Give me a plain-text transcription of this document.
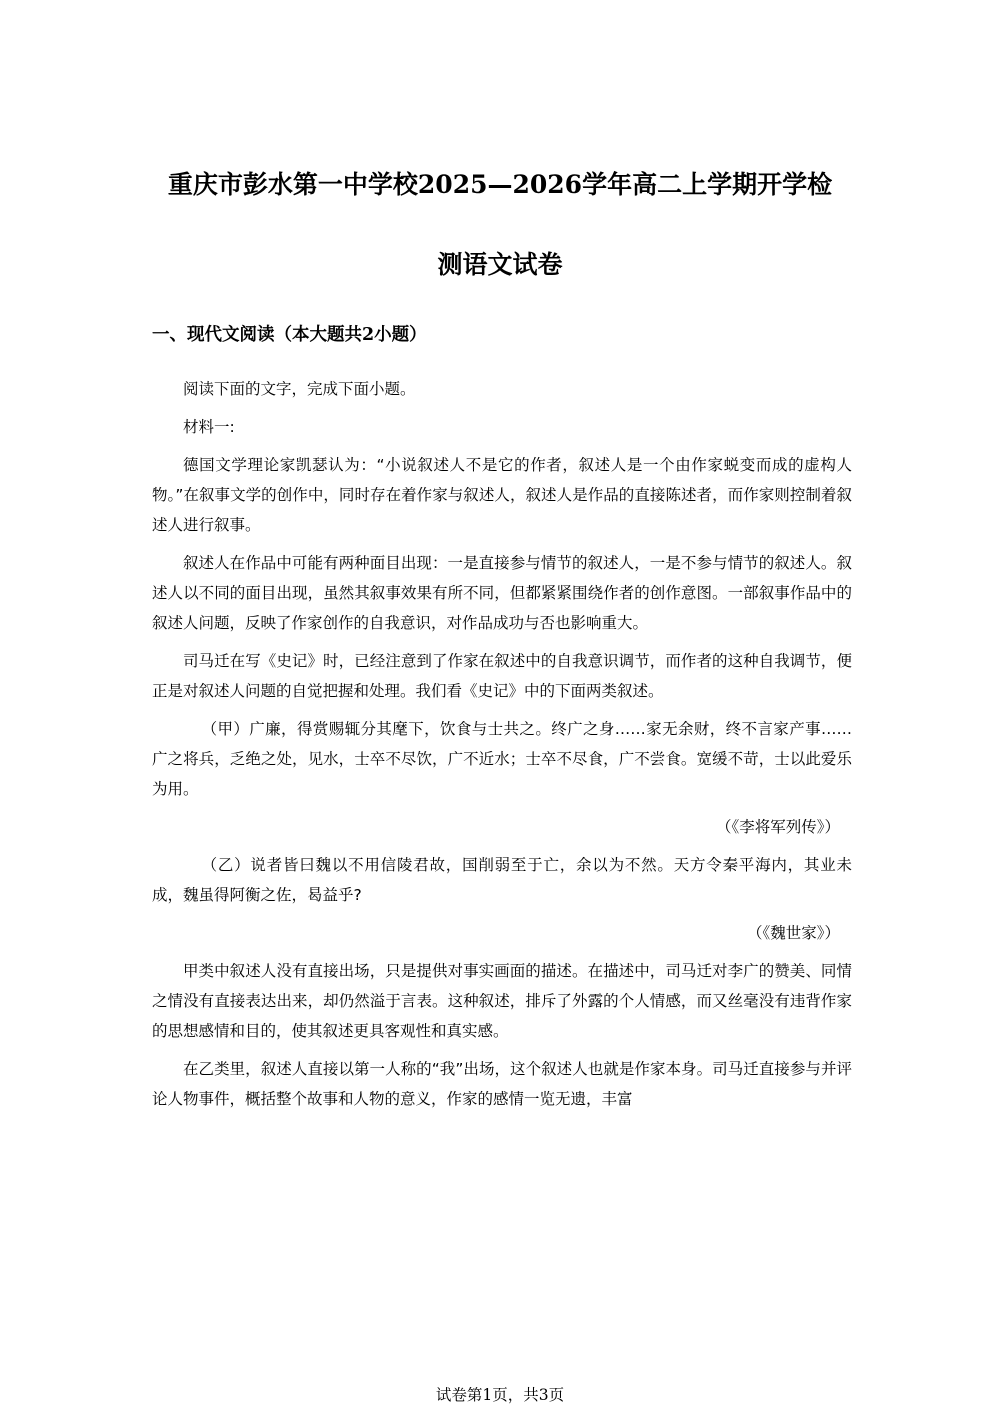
重庆市彭水第一中学校2025—2026学年高二上学期开学检
测语文试卷
一、现代文阅读（本大题共2小题）

阅读下面的文字，完成下面小题。

材料一:

德国文学理论家凯瑟认为：“小说叙述人不是它的作者，叙述人是一个由作家蜕变而成的虚构人物。”在叙事文学的创作中，同时存在着作家与叙述人，叙述人是作品的直接陈述者，而作家则控制着叙述人进行叙事。

叙述人在作品中可能有两种面目出现：一是直接参与情节的叙述人，一是不参与情节的叙述人。叙述人以不同的面目出现，虽然其叙事效果有所不同，但都紧紧围绕作者的创作意图。一部叙事作品中的叙述人问题，反映了作家创作的自我意识，对作品成功与否也影响重大。

司马迁在写《史记》时，已经注意到了作家在叙述中的自我意识调节，而作者的这种自我调节，便正是对叙述人问题的自觉把握和处理。我们看《史记》中的下面两类叙述。

（甲）广廉，得赏赐辄分其麾下，饮食与士共之。终广之身……家无余财，终不言家产事……广之将兵，乏绝之处，见水，士卒不尽饮，广不近水；士卒不尽食，广不尝食。宽缓不苛，士以此爱乐为用。

（《李将军列传》）

（乙）说者皆曰魏以不用信陵君故，国削弱至于亡，余以为不然。天方令秦平海内，其业未成，魏虽得阿衡之佐，曷益乎?

（《魏世家》）

甲类中叙述人没有直接出场，只是提供对事实画面的描述。在描述中，司马迁对李广的赞美、同情之情没有直接表达出来，却仍然溢于言表。这种叙述，排斥了外露的个人情感，而又丝毫没有违背作家的思想感情和目的，使其叙述更具客观性和真实感。

在乙类里，叙述人直接以第一人称的“我”出场，这个叙述人也就是作家本身。司马迁直接参与并评论人物事件，概括整个故事和人物的意义，作家的感情一览无遗，丰富

试卷第1页，共3页
